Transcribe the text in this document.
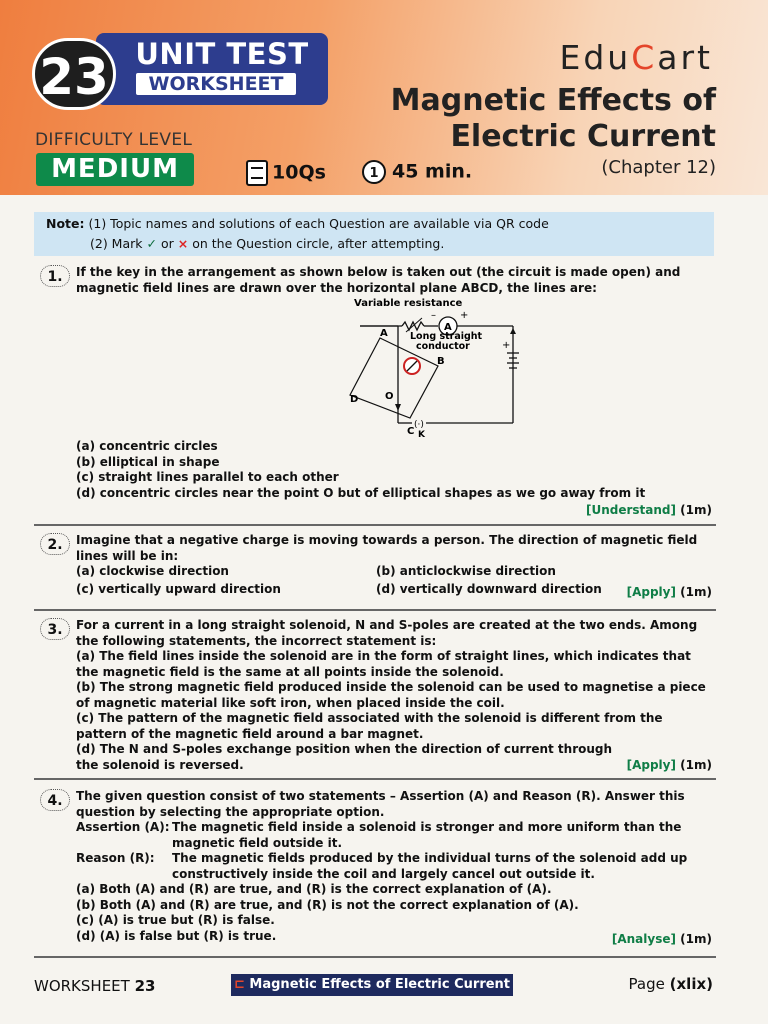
23 UNIT TEST
WORKSHEET
DIFFICULTY LEVEL
MEDIUM	10Qs	1 45 min.
EduCart
Magnetic Effects of Electric Current
(Chapter 12)
Note: (1) Topic names and solutions of each Question are available via QR code
(2) Mark ✓ or × on the Question circle, after attempting.
1.	If the key in the arrangement as shown below is taken out (the circuit is made open) and magnetic field lines are drawn over the horizontal plane ABCD, the lines are:
Variable resistance
A
– +
+
(·)
K
A
B
C
D	O
Long straight
conductor
(a) concentric circles
(b) elliptical in shape
(c) straight lines parallel to each other
(d) concentric circles near the point O but of elliptical shapes as we go away from it
[Understand] (1m)
2.	Imagine that a negative charge is moving towards a person. The direction of magnetic field lines will be in:
(a) clockwise direction	(b) anticlockwise direction
(c) vertically upward direction	(d) vertically downward direction	[Apply] (1m)
3.	For a current in a long straight solenoid, N and S-poles are created at the two ends. Among the following statements, the incorrect statement is:
(a) The field lines inside the solenoid are in the form of straight lines, which indicates that the magnetic field is the same at all points inside the solenoid.
(b) The strong magnetic field produced inside the solenoid can be used to magnetise a piece of magnetic material like soft iron, when placed inside the coil.
(c) The pattern of the magnetic field associated with the solenoid is different from the pattern of the magnetic field around a bar magnet.
(d) The N and S-poles exchange position when the direction of current through the solenoid is reversed.	[Apply] (1m)
4.	The given question consist of two statements – Assertion (A) and Reason (R). Answer this question by selecting the appropriate option.
Assertion (A): The magnetic field inside a solenoid is stronger and more uniform than the magnetic field outside it.
Reason (R):	The magnetic fields produced by the individual turns of the solenoid add up constructively inside the coil and largely cancel out outside it.
(a) Both (A) and (R) are true, and (R) is the correct explanation of (A).
(b) Both (A) and (R) are true, and (R) is not the correct explanation of (A).
(c) (A) is true but (R) is false.
(d) (A) is false but (R) is true.	[Analyse] (1m)
WORKSHEET 23	⊏ Magnetic Effects of Electric Current	Page (xlix)
